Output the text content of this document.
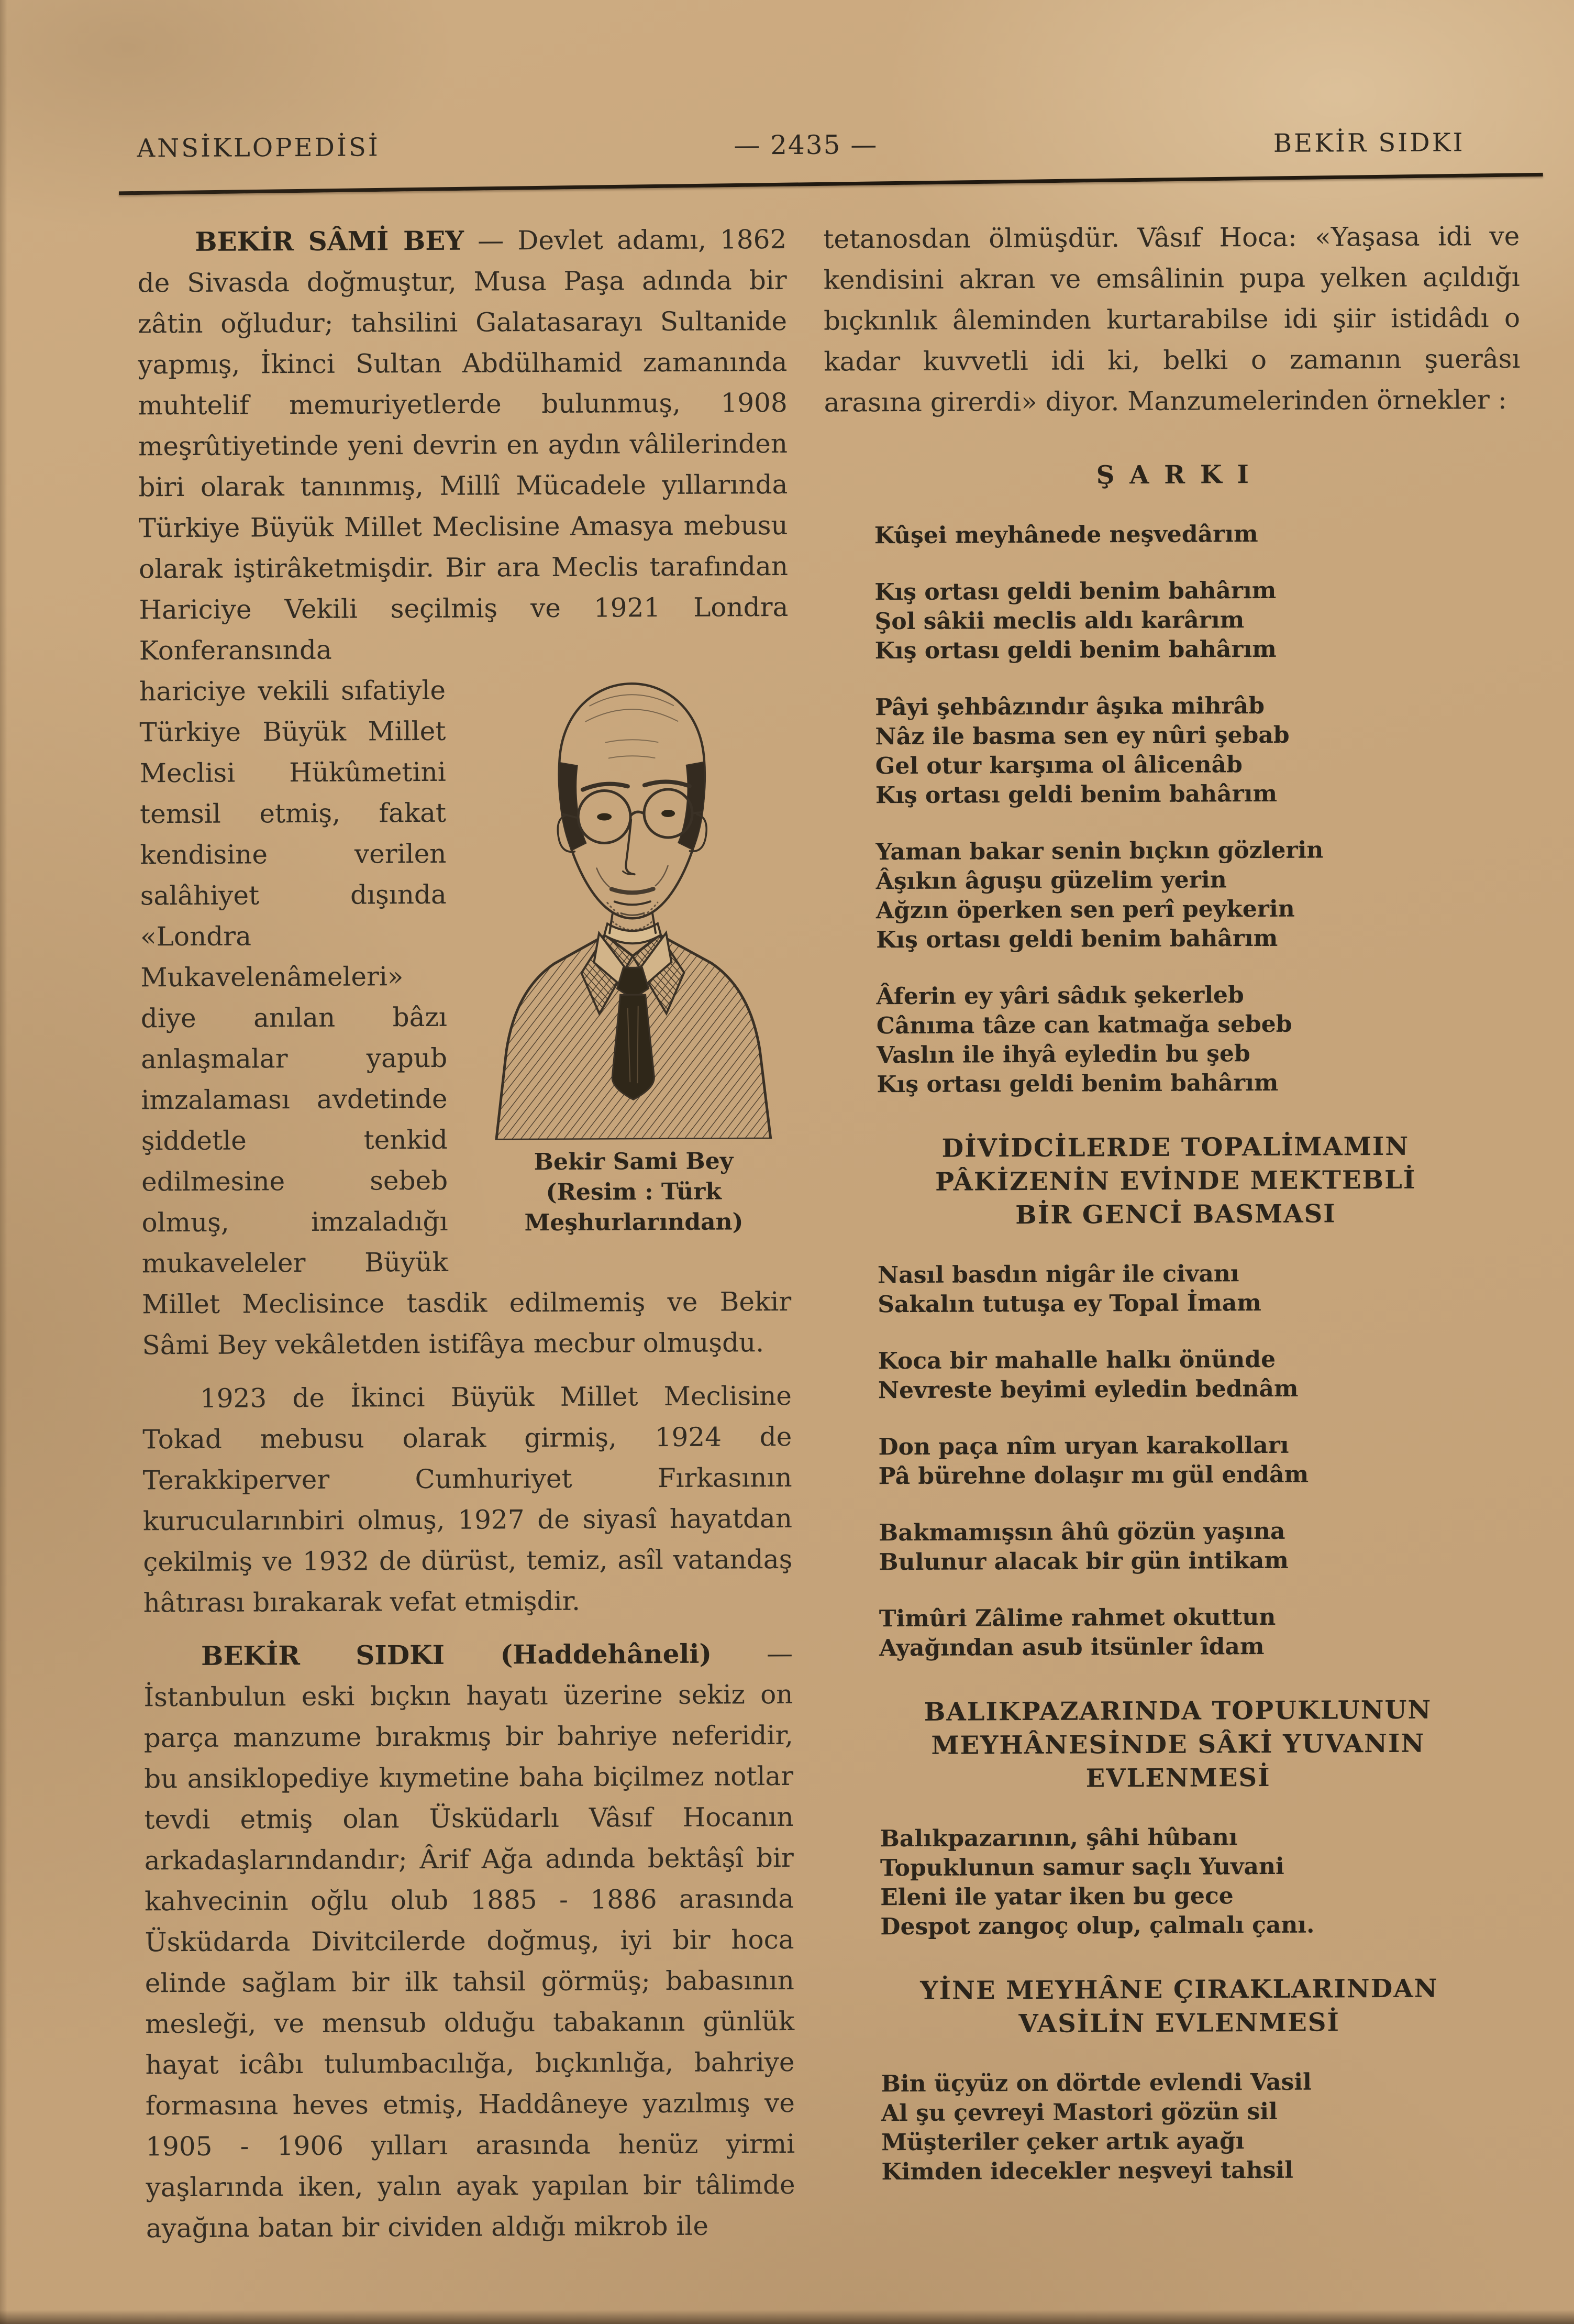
ANSİKLOPEDİSİ	— 2435 —	BEKİR SIDKI
BEKİR SÂMİ BEY — Devlet adamı, 1862 de Sivasda doğmuştur, Musa Paşa adında bir zâtin oğludur; tahsilini Galatasarayı Sultanide yapmış, İkinci Sultan Abdülhamid zamanında muhtelif memuriyetlerde bulunmuş, 1908 meşrûtiyetinde yeni devrin en aydın vâlilerinden biri olarak tanınmış, Millî Mücadele yıllarında Türkiye Büyük Millet Meclisine Amasya mebusu olarak iştirâketmişdir. Bir ara Meclis tarafından Hariciye Vekili seçilmiş
Bekir Sami Bey
(Resim : Türk
Meşhurlarından)
ve 1921 Londra Konferansında hariciye vekili sıfatiyle Türkiye Büyük Millet Meclisi Hükûmetini temsil etmiş, fakat kendisine verilen salâhiyet dışında «Londra Mukavelenâmeleri» diye anılan bâzı anlaşmalar yapub imzalaması avdetinde şiddetle tenkid edilmesine sebeb olmuş, imzaladığı mukaveleler Büyük Millet Meclisince tasdik edilmemiş ve Bekir Sâmi Bey vekâletden istifâya mecbur olmuşdu.
1923 de İkinci Büyük Millet Meclisine Tokad mebusu olarak girmiş, 1924 de Terakkiperver Cumhuriyet Fırkasının kurucularınbiri olmuş, 1927 de siyasî hayatdan çekilmiş ve 1932 de dürüst, temiz, asîl vatandaş hâtırası bırakarak vefat etmişdir.
BEKİR SIDKI (Haddehâneli) — İstanbulun eski bıçkın hayatı üzerine sekiz on parça manzume bırakmış bir bahriye neferidir, bu ansiklopediye kıymetine baha biçilmez notlar tevdi etmiş olan Üsküdarlı Vâsıf Hocanın arkadaşlarındandır; Ârif Ağa adında bektâşî bir kahvecinin oğlu olub 1885 - 1886 arasında Üsküdarda Divitcilerde doğmuş, iyi bir hoca elinde sağlam bir ilk tahsil görmüş; babasının mesleği, ve mensub olduğu tabakanın günlük hayat icâbı tulumbacılığa, bıçkınlığa, bahriye formasına heves etmiş, Haddâneye yazılmış ve 1905 - 1906 yılları arasında henüz yirmi yaşlarında iken, yalın ayak yapılan bir tâlimde ayağına batan bir cividen aldığı mikrob ile
tetanosdan ölmüşdür. Vâsıf Hoca: «Yaşasa idi ve kendisini akran ve emsâlinin pupa yelken açıldığı bıçkınlık âleminden kurtarabilse idi şiir istidâdı o kadar kuvvetli idi ki, belki o zamanın şuerâsı arasına girerdi» diyor. Manzumelerinden örnekler :
ŞARKI
Kûşei meyhânede neşvedârım
Kış ortası geldi benim bahârım
Şol sâkii meclis aldı karârım
Kış ortası geldi benim bahârım
Pâyi şehbâzındır âşıka mihrâb
Nâz ile basma sen ey nûri şebab
Gel otur karşıma ol âlicenâb
Kış ortası geldi benim bahârım
Yaman bakar senin bıçkın gözlerin
Âşıkın âguşu güzelim yerin
Ağzın öperken sen perî peykerin
Kış ortası geldi benim bahârım
Âferin ey yâri sâdık şekerleb
Cânıma tâze can katmağa sebeb
Vaslın ile ihyâ eyledin bu şeb
Kış ortası geldi benim bahârım
DİVİDCİLERDE TOPALİMAMIN
PÂKİZENİN EVİNDE MEKTEBLİ
BİR GENCİ BASMASI
Nasıl basdın nigâr ile civanı
Sakalın tutuşa ey Topal İmam
Koca bir mahalle halkı önünde
Nevreste beyimi eyledin bednâm
Don paça nîm uryan karakolları
Pâ bürehne dolaşır mı gül endâm
Bakmamışsın âhû gözün yaşına
Bulunur alacak bir gün intikam
Timûri Zâlime rahmet okuttun
Ayağından asub itsünler îdam
BALIKPAZARINDA TOPUKLUNUN
MEYHÂNESİNDE SÂKİ YUVANIN
EVLENMESİ
Balıkpazarının, şâhi hûbanı
Topuklunun samur saçlı Yuvani
Eleni ile yatar iken bu gece
Despot zangoç olup, çalmalı çanı.
YİNE MEYHÂNE ÇIRAKLARINDAN
VASİLİN EVLENMESİ
Bin üçyüz on dörtde evlendi Vasil
Al şu çevreyi Mastori gözün sil
Müşteriler çeker artık ayağı
Kimden idecekler neşveyi tahsil
